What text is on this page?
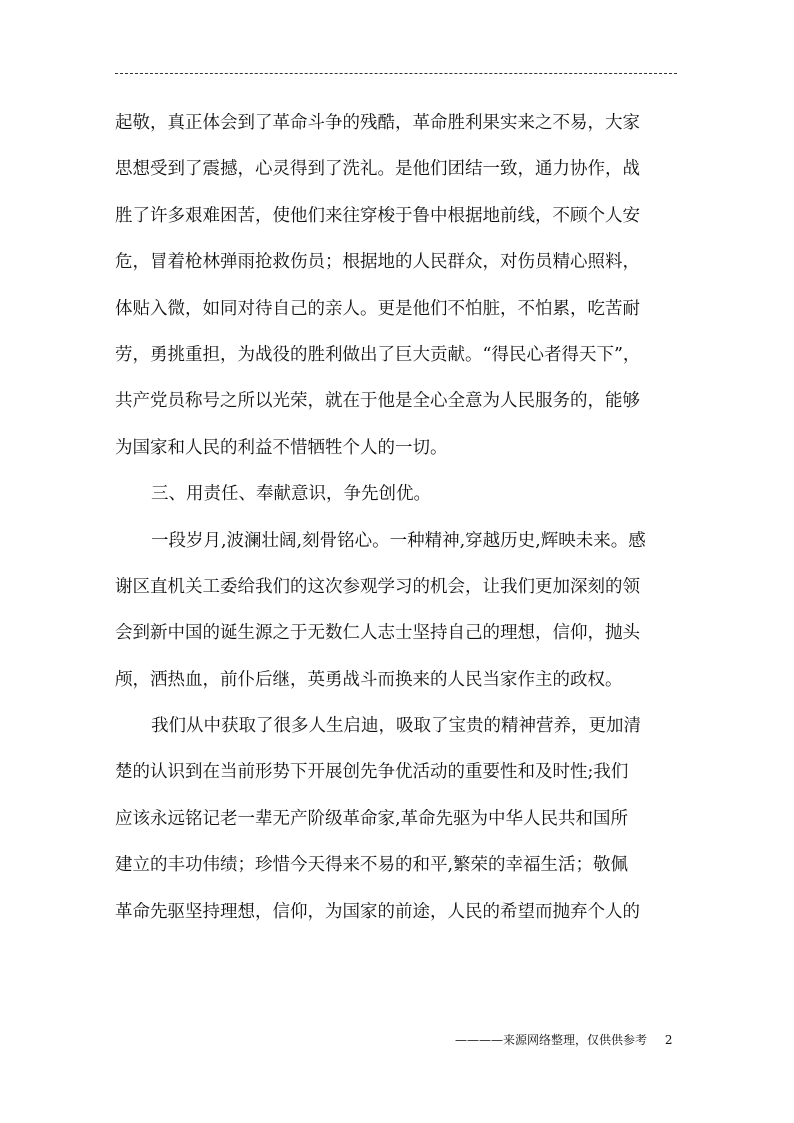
起敬，真正体会到了革命斗争的残酷，革命胜利果实来之不易，大家
思想受到了震撼，心灵得到了洗礼。是他们团结一致，通力协作，战
胜了许多艰难困苦，使他们来往穿梭于鲁中根据地前线，不顾个人安
危，冒着枪林弹雨抢救伤员；根据地的人民群众，对伤员精心照料，
体贴入微，如同对待自己的亲人。更是他们不怕脏，不怕累，吃苦耐
劳，勇挑重担，为战役的胜利做出了巨大贡献。“得民心者得天下”，
共产党员称号之所以光荣，就在于他是全心全意为人民服务的，能够
为国家和人民的利益不惜牺牲个人的一切。
三、用责任、奉献意识，争先创优。
一段岁月,波澜壮阔,刻骨铭心。一种精神,穿越历史,辉映未来。感
谢区直机关工委给我们的这次参观学习的机会，让我们更加深刻的领
会到新中国的诞生源之于无数仁人志士坚持自己的理想，信仰，抛头
颅，洒热血，前仆后继，英勇战斗而换来的人民当家作主的政权。
我们从中获取了很多人生启迪，吸取了宝贵的精神营养，更加清
楚的认识到在当前形势下开展创先争优活动的重要性和及时性;我们
应该永远铭记老一辈无产阶级革命家,革命先驱为中华人民共和国所
建立的丰功伟绩；珍惜今天得来不易的和平,繁荣的幸福生活；敬佩
革命先驱坚持理想，信仰，为国家的前途，人民的希望而抛弃个人的
————来源网络整理，仅供供参考 2
